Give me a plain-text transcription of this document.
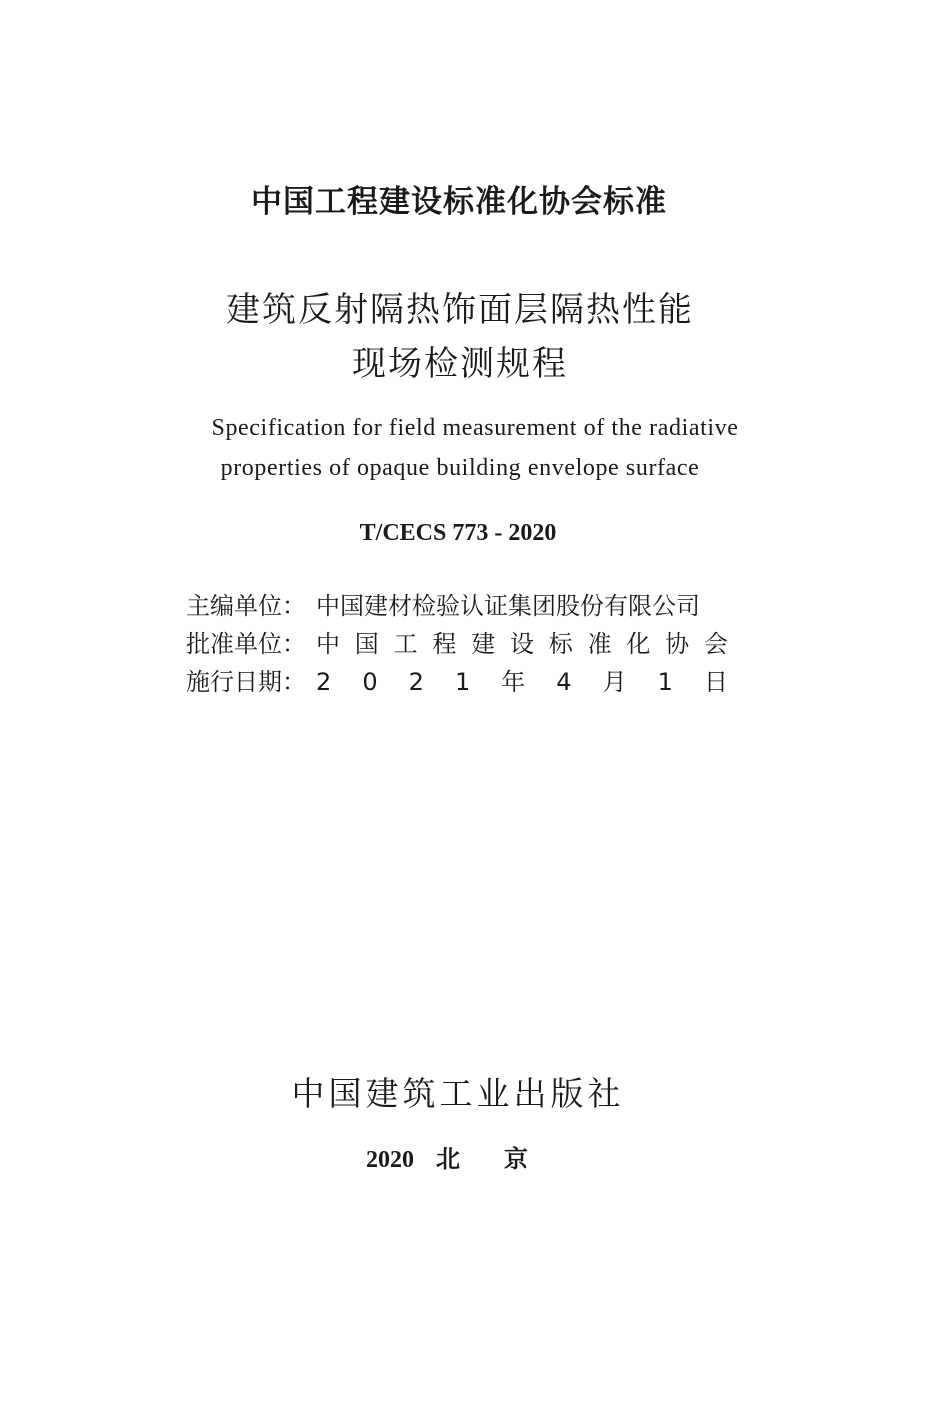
中国工程建设标准化协会标准
建筑反射隔热饰面层隔热性能
现场检测规程
Specification for field measurement of the radiative
properties of opaque building envelope surface
T/CECS 773 - 2020
主编单位： 中国建材检验认证集团股份有限公司
批准单位： 中 国 工 程 建 设 标 准 化 协 会
施行日期： 2 0 2 1 年 4 月 1 日
中国建筑工业出版社
2020 北京
